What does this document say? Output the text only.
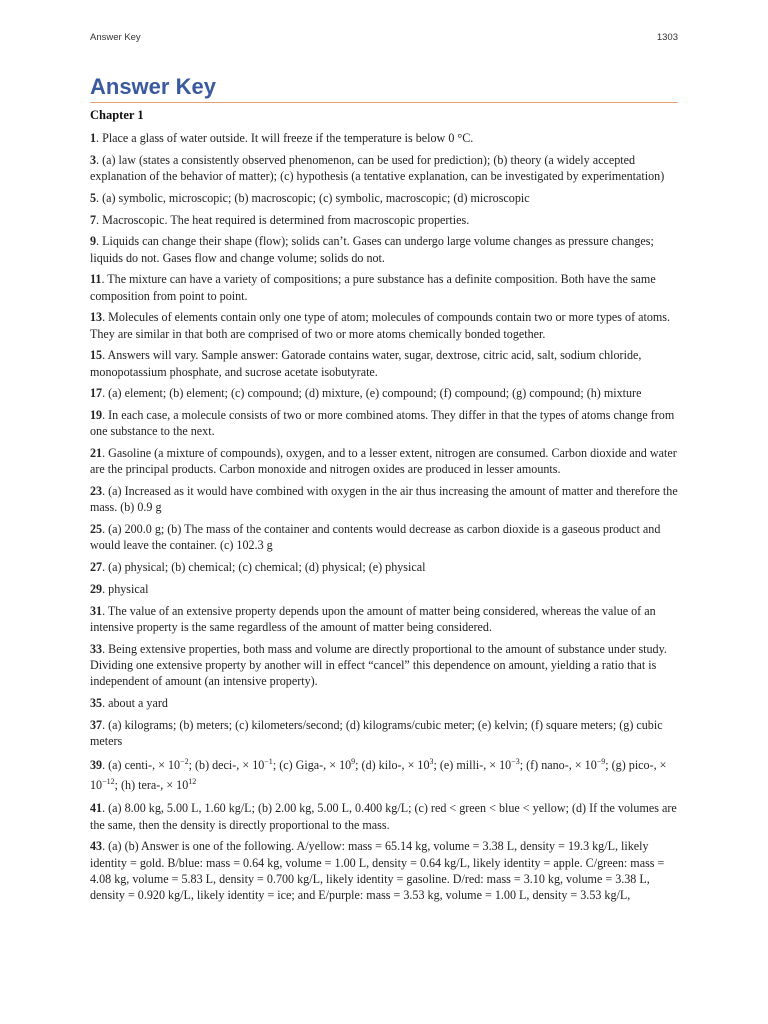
Answer Key	1303
Answer Key
Chapter 1
1. Place a glass of water outside. It will freeze if the temperature is below 0 °C.
3. (a) law (states a consistently observed phenomenon, can be used for prediction); (b) theory (a widely accepted explanation of the behavior of matter); (c) hypothesis (a tentative explanation, can be investigated by experimentation)
5. (a) symbolic, microscopic; (b) macroscopic; (c) symbolic, macroscopic; (d) microscopic
7. Macroscopic. The heat required is determined from macroscopic properties.
9. Liquids can change their shape (flow); solids can’t. Gases can undergo large volume changes as pressure changes; liquids do not. Gases flow and change volume; solids do not.
11. The mixture can have a variety of compositions; a pure substance has a definite composition. Both have the same composition from point to point.
13. Molecules of elements contain only one type of atom; molecules of compounds contain two or more types of atoms. They are similar in that both are comprised of two or more atoms chemically bonded together.
15. Answers will vary. Sample answer: Gatorade contains water, sugar, dextrose, citric acid, salt, sodium chloride, monopotassium phosphate, and sucrose acetate isobutyrate.
17. (a) element; (b) element; (c) compound; (d) mixture, (e) compound; (f) compound; (g) compound; (h) mixture
19. In each case, a molecule consists of two or more combined atoms. They differ in that the types of atoms change from one substance to the next.
21. Gasoline (a mixture of compounds), oxygen, and to a lesser extent, nitrogen are consumed. Carbon dioxide and water are the principal products. Carbon monoxide and nitrogen oxides are produced in lesser amounts.
23. (a) Increased as it would have combined with oxygen in the air thus increasing the amount of matter and therefore the mass. (b) 0.9 g
25. (a) 200.0 g; (b) The mass of the container and contents would decrease as carbon dioxide is a gaseous product and would leave the container. (c) 102.3 g
27. (a) physical; (b) chemical; (c) chemical; (d) physical; (e) physical
29. physical
31. The value of an extensive property depends upon the amount of matter being considered, whereas the value of an intensive property is the same regardless of the amount of matter being considered.
33. Being extensive properties, both mass and volume are directly proportional to the amount of substance under study. Dividing one extensive property by another will in effect “cancel” this dependence on amount, yielding a ratio that is independent of amount (an intensive property).
35. about a yard
37. (a) kilograms; (b) meters; (c) kilometers/second; (d) kilograms/cubic meter; (e) kelvin; (f) square meters; (g) cubic meters
39. (a) centi-, × $10^{-2}$; (b) deci-, × $10^{-1}$; (c) Giga-, × $10^9$; (d) kilo-, × $10^3$; (e) milli-, × $10^{-3}$; (f) nano-, × $10^{-9}$; (g) pico-, × $10^{-12}$; (h) tera-, × $10^{12}$
41. (a) 8.00 kg, 5.00 L, 1.60 kg/L; (b) 2.00 kg, 5.00 L, 0.400 kg/L; (c) red < green < blue < yellow; (d) If the volumes are the same, then the density is directly proportional to the mass.
43. (a) (b) Answer is one of the following. A/yellow: mass = 65.14 kg, volume = 3.38 L, density = 19.3 kg/L, likely identity = gold. B/blue: mass = 0.64 kg, volume = 1.00 L, density = 0.64 kg/L, likely identity = apple. C/green: mass = 4.08 kg, volume = 5.83 L, density = 0.700 kg/L, likely identity = gasoline. D/red: mass = 3.10 kg, volume = 3.38 L, density = 0.920 kg/L, likely identity = ice; and E/purple: mass = 3.53 kg, volume = 1.00 L, density = 3.53 kg/L,
